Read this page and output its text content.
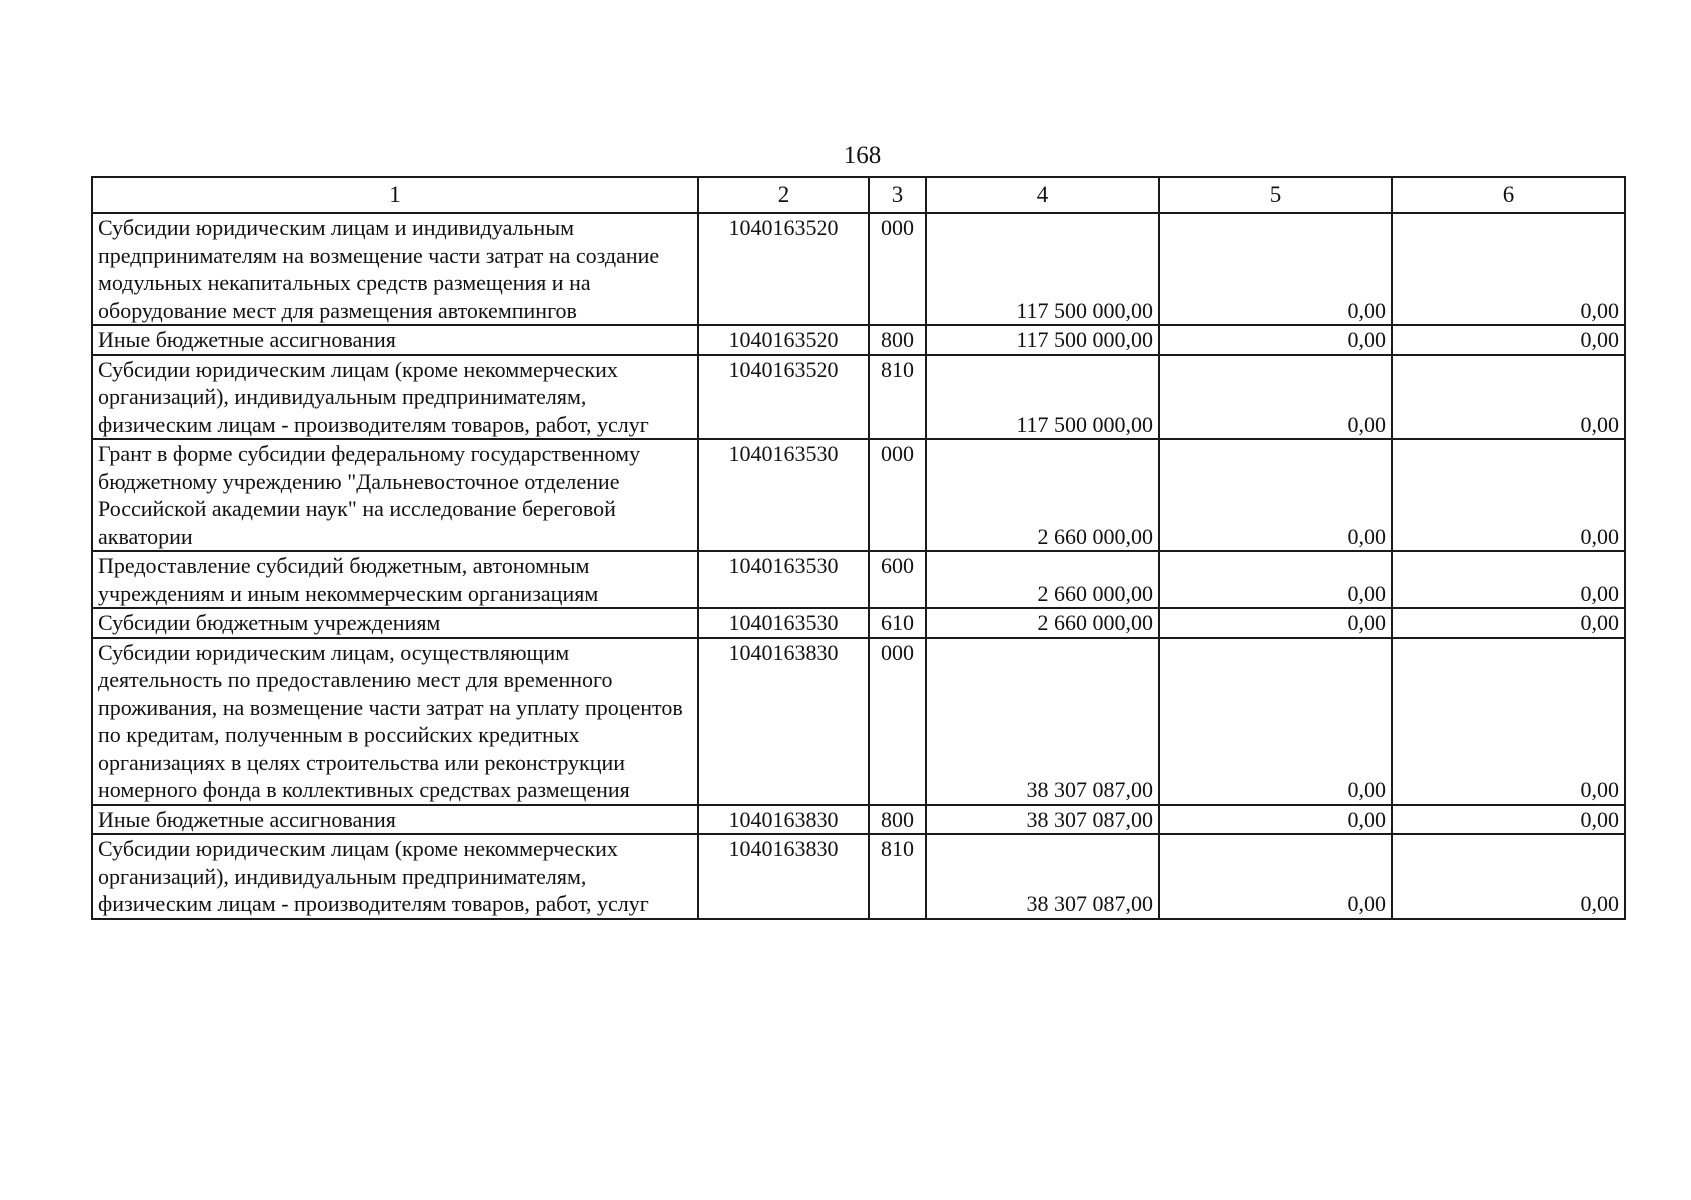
168
1	2	3	4	5	6
Субсидии юридическим лицам и индивидуальным предпринимателям на возмещение части затрат на создание модульных некапитальных средств размещения и на оборудование мест для размещения автокемпингов	1040163520	000	117 500 000,00	0,00	0,00
Иные бюджетные ассигнования	1040163520	800	117 500 000,00	0,00	0,00
Субсидии юридическим лицам (кроме некоммерческих организаций), индивидуальным предпринимателям, физическим лицам - производителям товаров, работ, услуг	1040163520	810	117 500 000,00	0,00	0,00
Грант в форме субсидии федеральному государственному бюджетному учреждению "Дальневосточное отделение Российской академии наук" на исследование береговой акватории	1040163530	000	2 660 000,00	0,00	0,00
Предоставление субсидий бюджетным, автономным учреждениям и иным некоммерческим организациям	1040163530	600	2 660 000,00	0,00	0,00
Субсидии бюджетным учреждениям	1040163530	610	2 660 000,00	0,00	0,00
Субсидии юридическим лицам, осуществляющим деятельность по предоставлению мест для временного проживания, на возмещение части затрат на уплату процентов по кредитам, полученным в российских кредитных организациях в целях строительства или реконструкции номерного фонда в коллективных средствах размещения	1040163830	000	38 307 087,00	0,00	0,00
Иные бюджетные ассигнования	1040163830	800	38 307 087,00	0,00	0,00
Субсидии юридическим лицам (кроме некоммерческих организаций), индивидуальным предпринимателям, физическим лицам - производителям товаров, работ, услуг	1040163830	810	38 307 087,00	0,00	0,00
